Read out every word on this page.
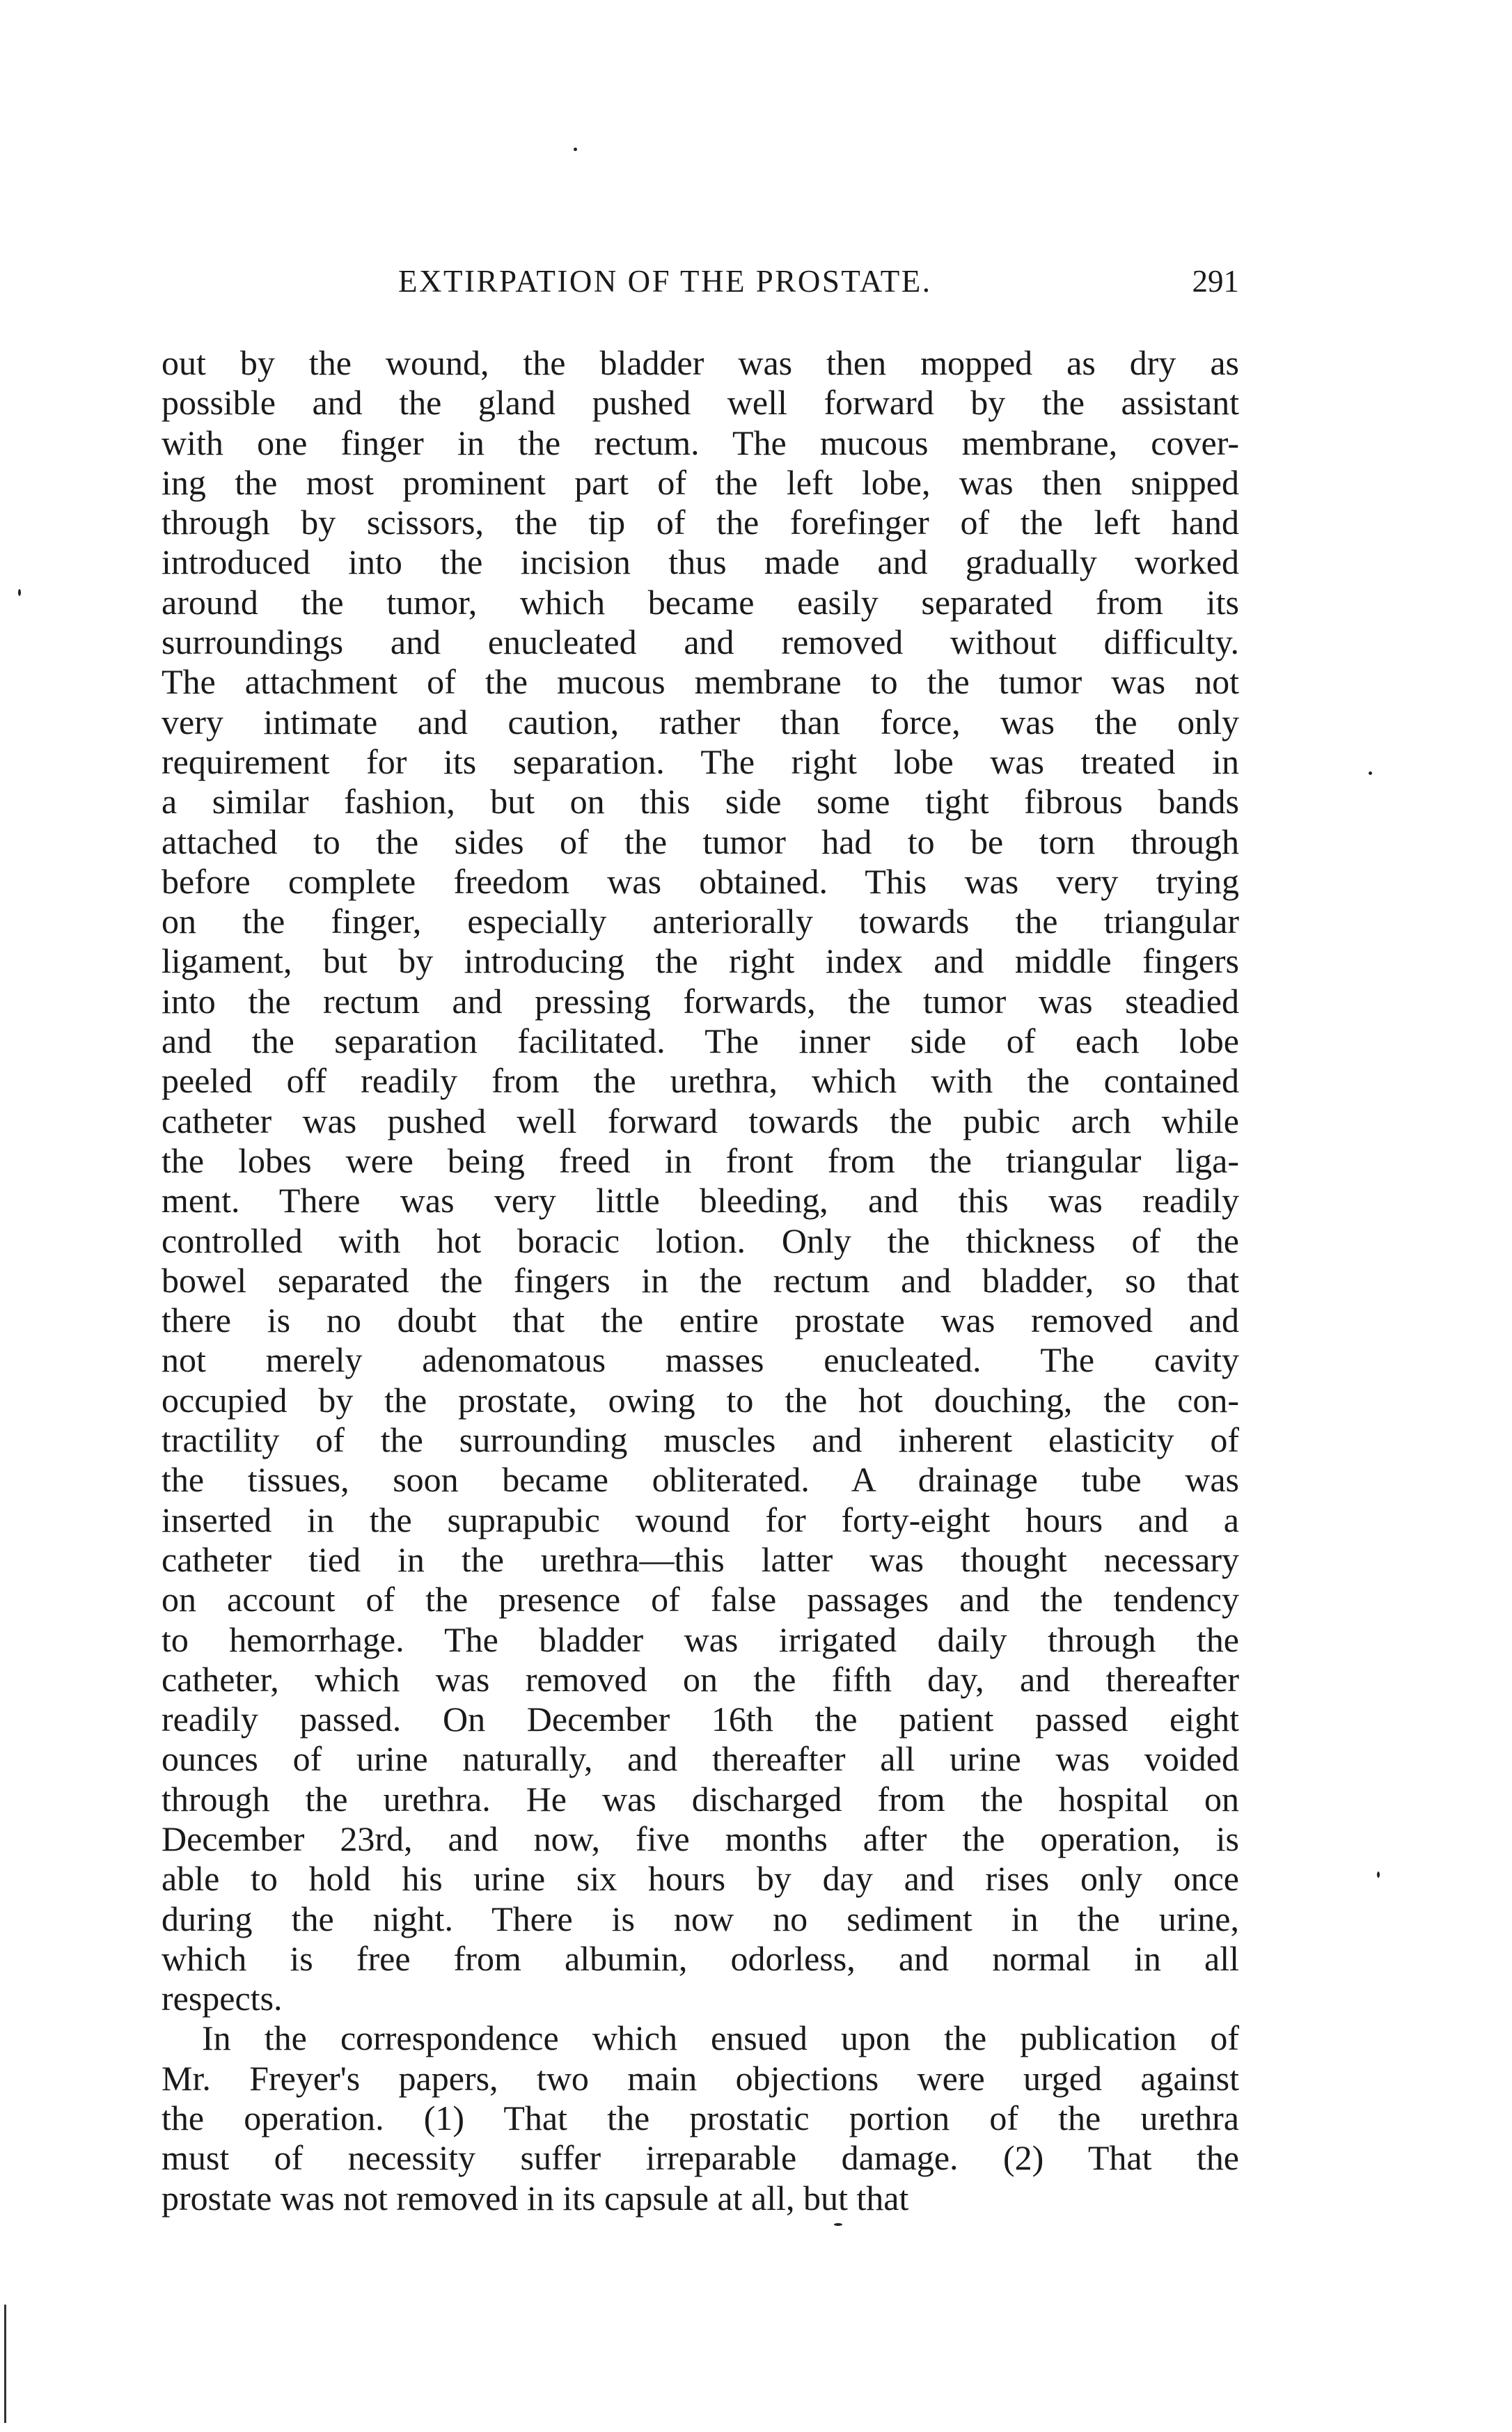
EXTIRPATION OF THE PROSTATE.	291
out by the wound, the bladder was then mopped as dry as
possible and the gland pushed well forward by the assistant
with one finger in the rectum. The mucous membrane, cover-
ing the most prominent part of the left lobe, was then snipped
through by scissors, the tip of the forefinger of the left hand
introduced into the incision thus made and gradually worked
around the tumor, which became easily separated from its
surroundings and enucleated and removed without difficulty.
The attachment of the mucous membrane to the tumor was not
very intimate and caution, rather than force, was the only
requirement for its separation. The right lobe was treated in
a similar fashion, but on this side some tight fibrous bands
attached to the sides of the tumor had to be torn through
before complete freedom was obtained. This was very trying
on the finger, especially anteriorally towards the triangular
ligament, but by introducing the right index and middle fingers
into the rectum and pressing forwards, the tumor was steadied
and the separation facilitated. The inner side of each lobe
peeled off readily from the urethra, which with the contained
catheter was pushed well forward towards the pubic arch while
the lobes were being freed in front from the triangular liga-
ment. There was very little bleeding, and this was readily
controlled with hot boracic lotion. Only the thickness of the
bowel separated the fingers in the rectum and bladder, so that
there is no doubt that the entire prostate was removed and
not merely adenomatous masses enucleated. The cavity
occupied by the prostate, owing to the hot douching, the con-
tractility of the surrounding muscles and inherent elasticity of
the tissues, soon became obliterated. A drainage tube was
inserted in the suprapubic wound for forty-eight hours and a
catheter tied in the urethra—this latter was thought necessary
on account of the presence of false passages and the tendency
to hemorrhage. The bladder was irrigated daily through the
catheter, which was removed on the fifth day, and thereafter
readily passed. On December 16th the patient passed eight
ounces of urine naturally, and thereafter all urine was voided
through the urethra. He was discharged from the hospital on
December 23rd, and now, five months after the operation, is
able to hold his urine six hours by day and rises only once
during the night. There is now no sediment in the urine,
which is free from albumin, odorless, and normal in all
respects.
In the correspondence which ensued upon the publication of
Mr. Freyer's papers, two main objections were urged against
the operation. (1) That the prostatic portion of the urethra
must of necessity suffer irreparable damage. (2) That the
prostate was not removed in its capsule at all, but that
